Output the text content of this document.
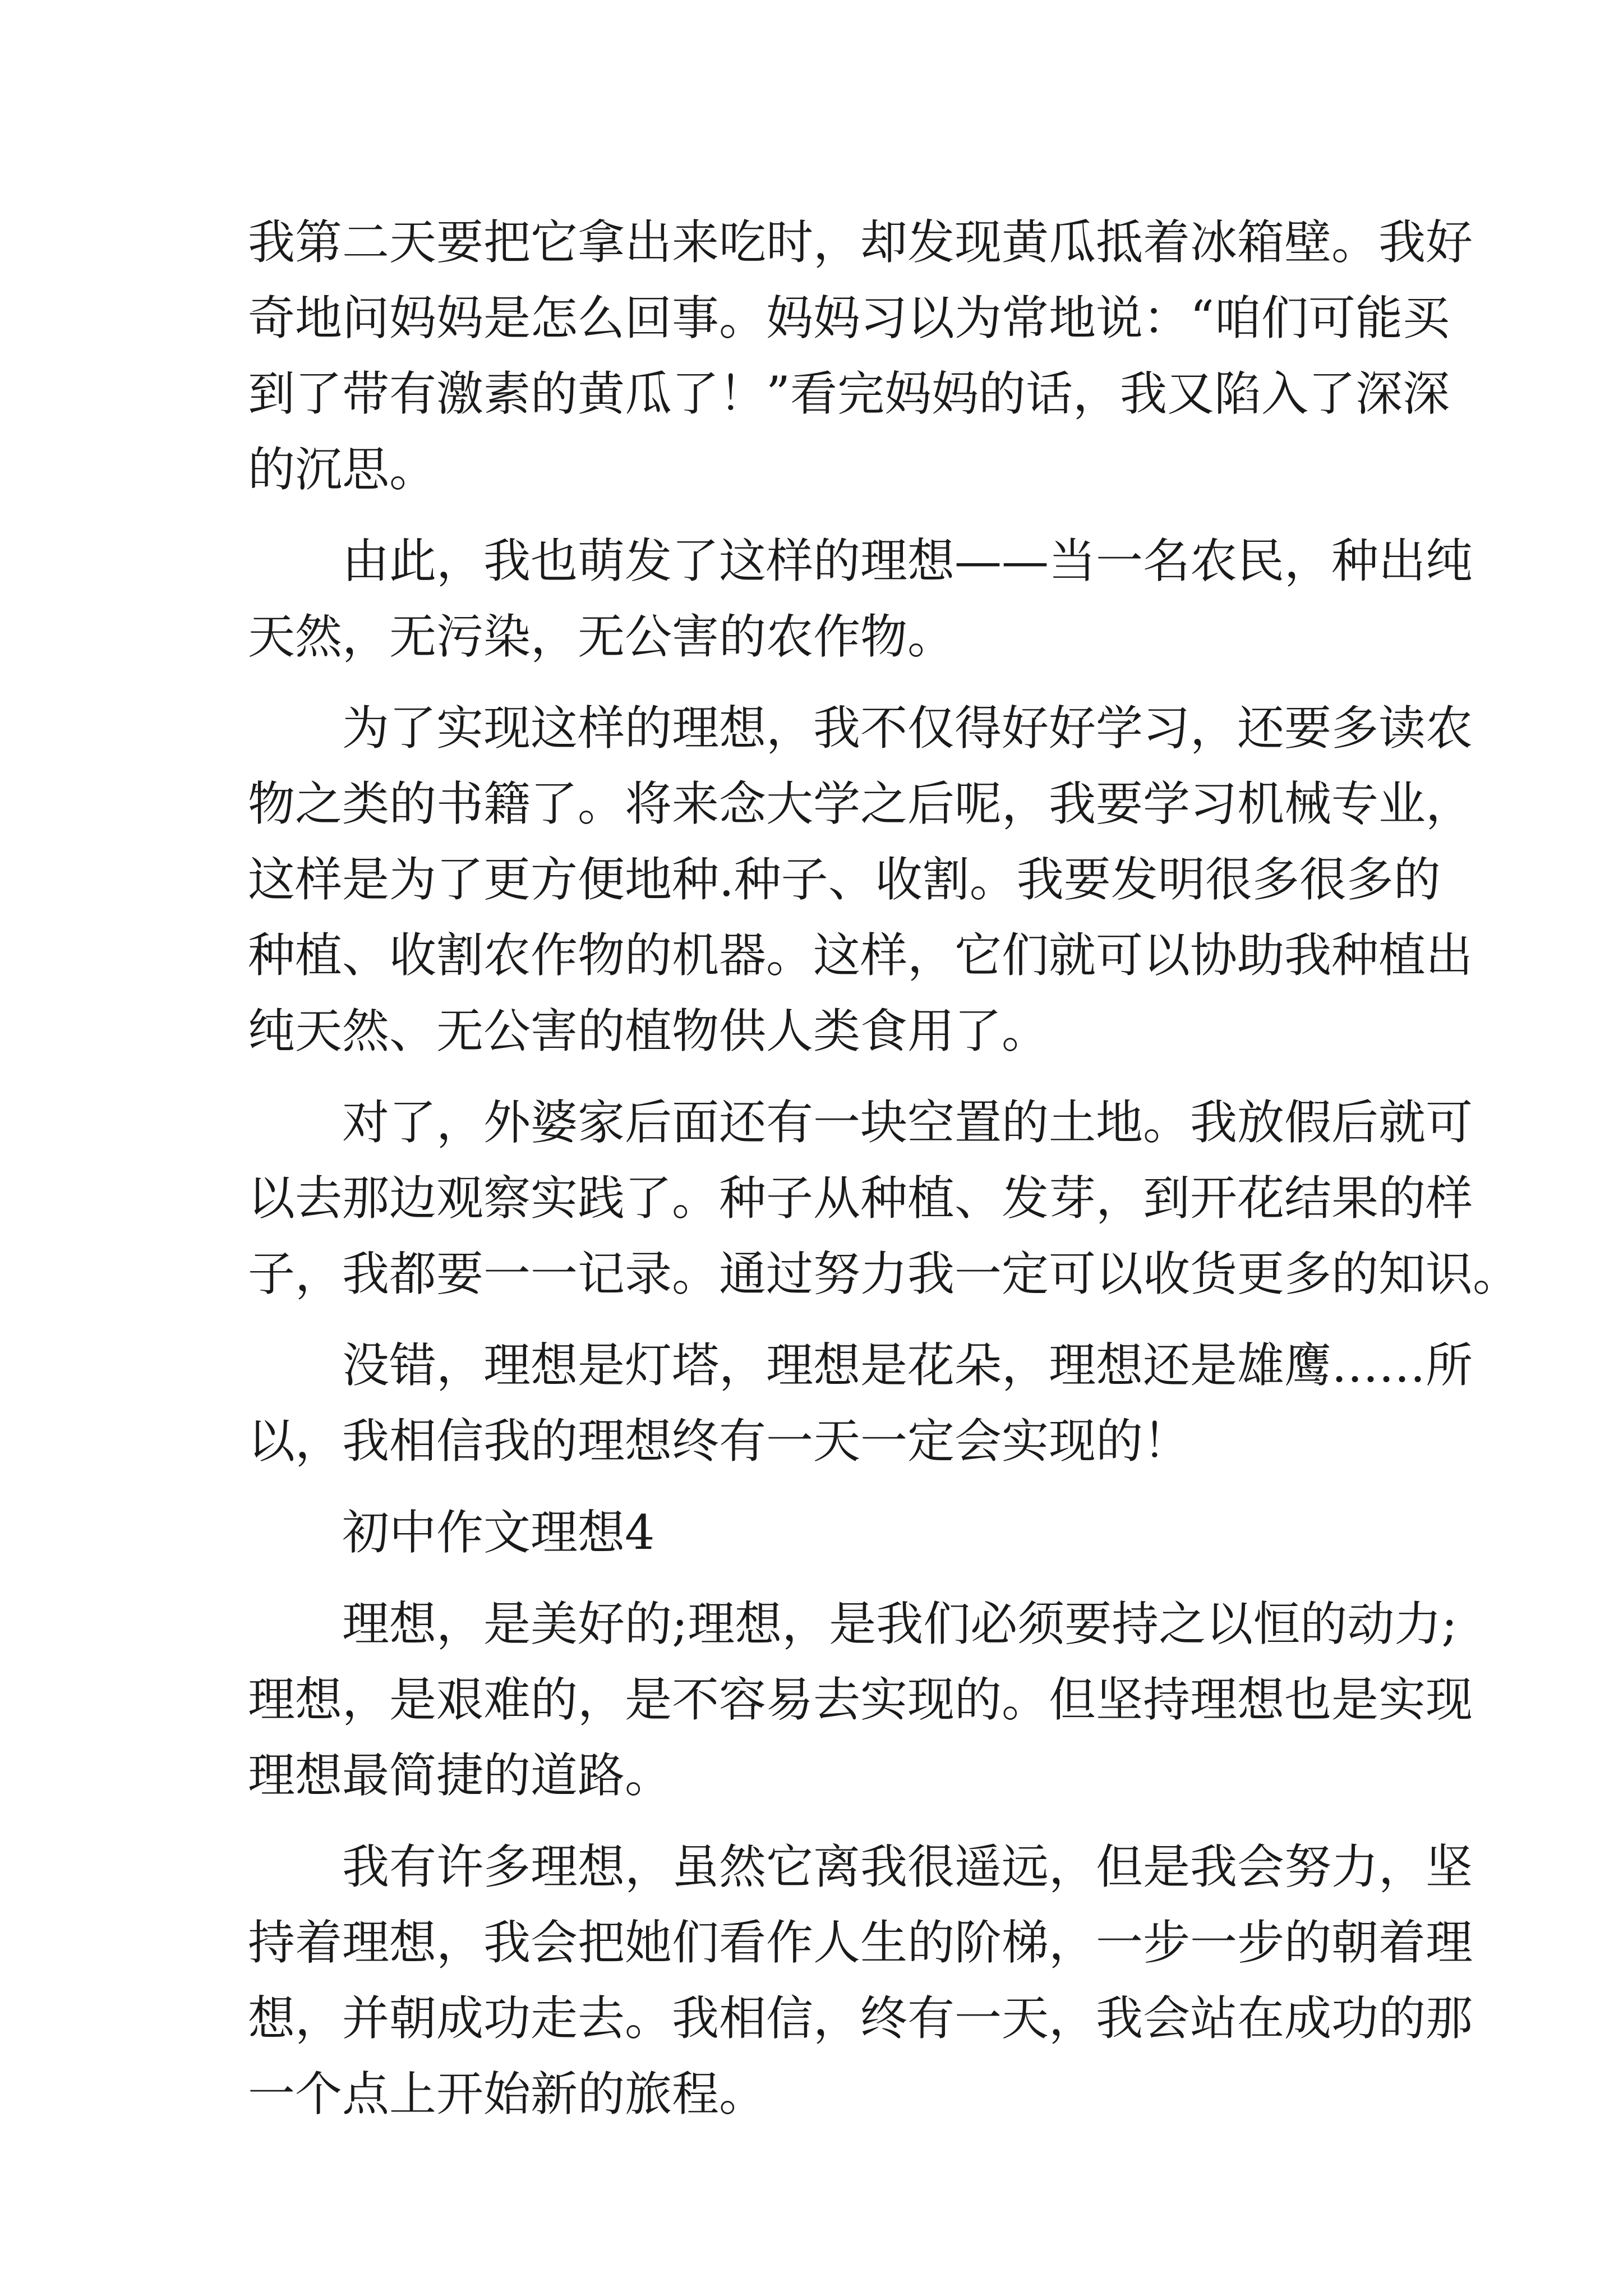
我第二天要把它拿出来吃时，却发现黄瓜抵着冰箱壁。我好
奇地问妈妈是怎么回事。妈妈习以为常地说：“咱们可能买
到了带有激素的黄瓜了！”看完妈妈的话，我又陷入了深深
的沉思。
由此，我也萌发了这样的理想——当一名农民，种出纯
天然，无污染，无公害的农作物。
为了实现这样的理想，我不仅得好好学习，还要多读农
物之类的书籍了。将来念大学之后呢，我要学习机械专业，
这样是为了更方便地种.种子、收割。我要发明很多很多的
种植、收割农作物的机器。这样，它们就可以协助我种植出
纯天然、无公害的植物供人类食用了。
对了，外婆家后面还有一块空置的土地。我放假后就可
以去那边观察实践了。种子从种植、发芽，到开花结果的样
子，我都要一一记录。通过努力我一定可以收货更多的知识。
没错，理想是灯塔，理想是花朵，理想还是雄鹰……所
以，我相信我的理想终有一天一定会实现的！
初中作文理想4
理想，是美好的;理想，是我们必须要持之以恒的动力;
理想，是艰难的，是不容易去实现的。但坚持理想也是实现
理想最简捷的道路。
我有许多理想，虽然它离我很遥远，但是我会努力，坚
持着理想，我会把她们看作人生的阶梯，一步一步的朝着理
想，并朝成功走去。我相信，终有一天，我会站在成功的那
一个点上开始新的旅程。
